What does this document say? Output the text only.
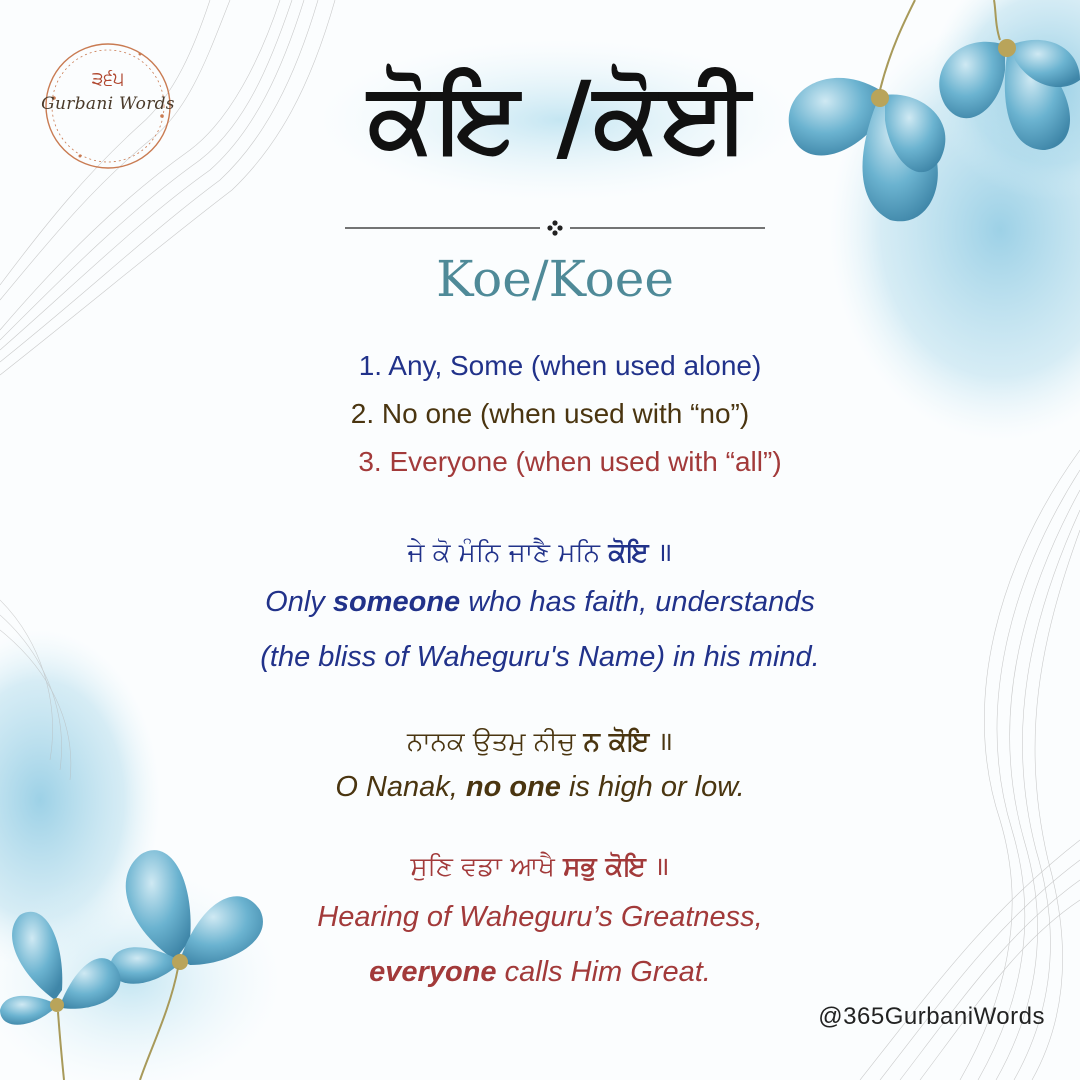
੩੬੫
Gurbani Words	ਕੋਇ /ਕੋਈ
Koe/Koee
1. Any, Some (when used alone)
2. No one (when used with “no”)
3. Everyone (when used with “all”)
ਜੇ ਕੋ ਮੰਨਿ ਜਾਣੈ ਮਨਿ ਕੋਇ ॥
Only someone who has faith, understands
(the bliss of Waheguru's Name) in his mind.
ਨਾਨਕ ਉਤਮੁ ਨੀਚੁ ਨ ਕੋਇ ॥
O Nanak, no one is high or low.
ਸੁਣਿ ਵਡਾ ਆਖੈ ਸਭੁ ਕੋਇ ॥
Hearing of Waheguru’s Greatness,
everyone calls Him Great.
@365GurbaniWords
